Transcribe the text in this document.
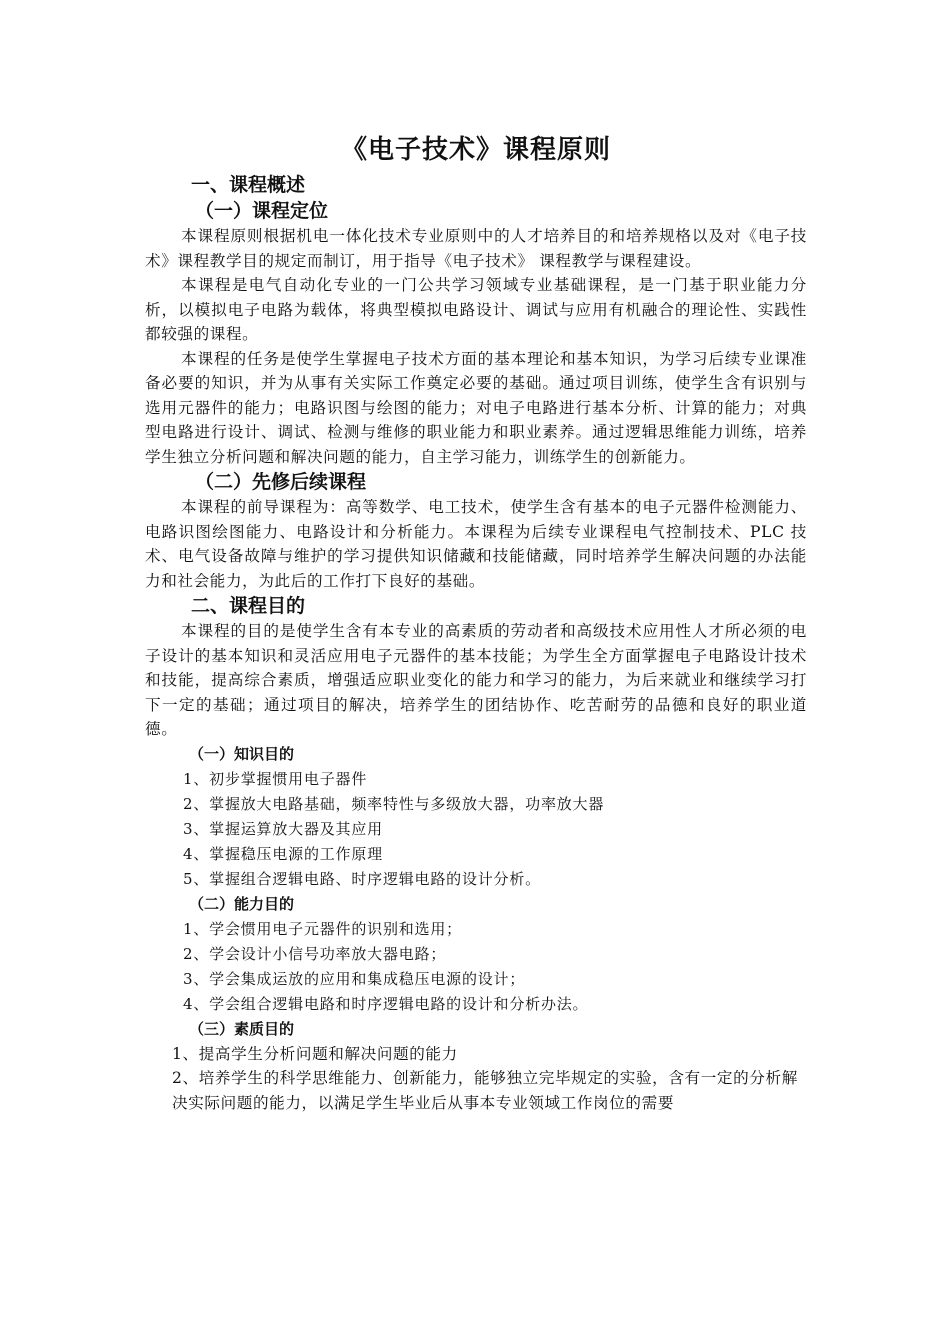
《电子技术》课程原则
一、课程概述
（一）课程定位

本课程原则根据机电一体化技术专业原则中的人才培养目的和培养规格以及对《电子技术》课程教学目的规定而制订，用于指导《电子技术》 课程教学与课程建设。

本课程是电气自动化专业的一门公共学习领域专业基础课程，是一门基于职业能力分析，以模拟电子电路为载体，将典型模拟电路设计、调试与应用有机融合的理论性、实践性都较强的课程。

本课程的任务是使学生掌握电子技术方面的基本理论和基本知识，为学习后续专业课准备必要的知识，并为从事有关实际工作奠定必要的基础。通过项目训练，使学生含有识别与选用元器件的能力；电路识图与绘图的能力；对电子电路进行基本分析、计算的能力；对典型电路进行设计、调试、检测与维修的职业能力和职业素养。通过逻辑思维能力训练，培养学生独立分析问题和解决问题的能力，自主学习能力，训练学生的创新能力。

（二）先修后续课程

本课程的前导课程为：高等数学、电工技术，使学生含有基本的电子元器件检测能力、电路识图绘图能力、电路设计和分析能力。本课程为后续专业课程电气控制技术、PLC 技术、电气设备故障与维护的学习提供知识储藏和技能储藏，同时培养学生解决问题的办法能力和社会能力，为此后的工作打下良好的基础。

二、课程目的

本课程的目的是使学生含有本专业的高素质的劳动者和高级技术应用性人才所必须的电子设计的基本知识和灵活应用电子元器件的基本技能；为学生全方面掌握电子电路设计技术和技能，提高综合素质，增强适应职业变化的能力和学习的能力，为后来就业和继续学习打下一定的基础；通过项目的解决，培养学生的团结协作、吃苦耐劳的品德和良好的职业道德。

（一）知识目的
1、初步掌握惯用电子器件
2、掌握放大电路基础，频率特性与多级放大器，功率放大器
3、掌握运算放大器及其应用
4、掌握稳压电源的工作原理
5、掌握组合逻辑电路、时序逻辑电路的设计分析。
（二）能力目的
1、学会惯用电子元器件的识别和选用；
2、学会设计小信号功率放大器电路；
3、学会集成运放的应用和集成稳压电源的设计；
4、学会组合逻辑电路和时序逻辑电路的设计和分析办法。
（三）素质目的
1、提高学生分析问题和解决问题的能力
2、培养学生的科学思维能力、创新能力，能够独立完毕规定的实验，含有一定的分析解决实际问题的能力，以满足学生毕业后从事本专业领域工作岗位的需要
